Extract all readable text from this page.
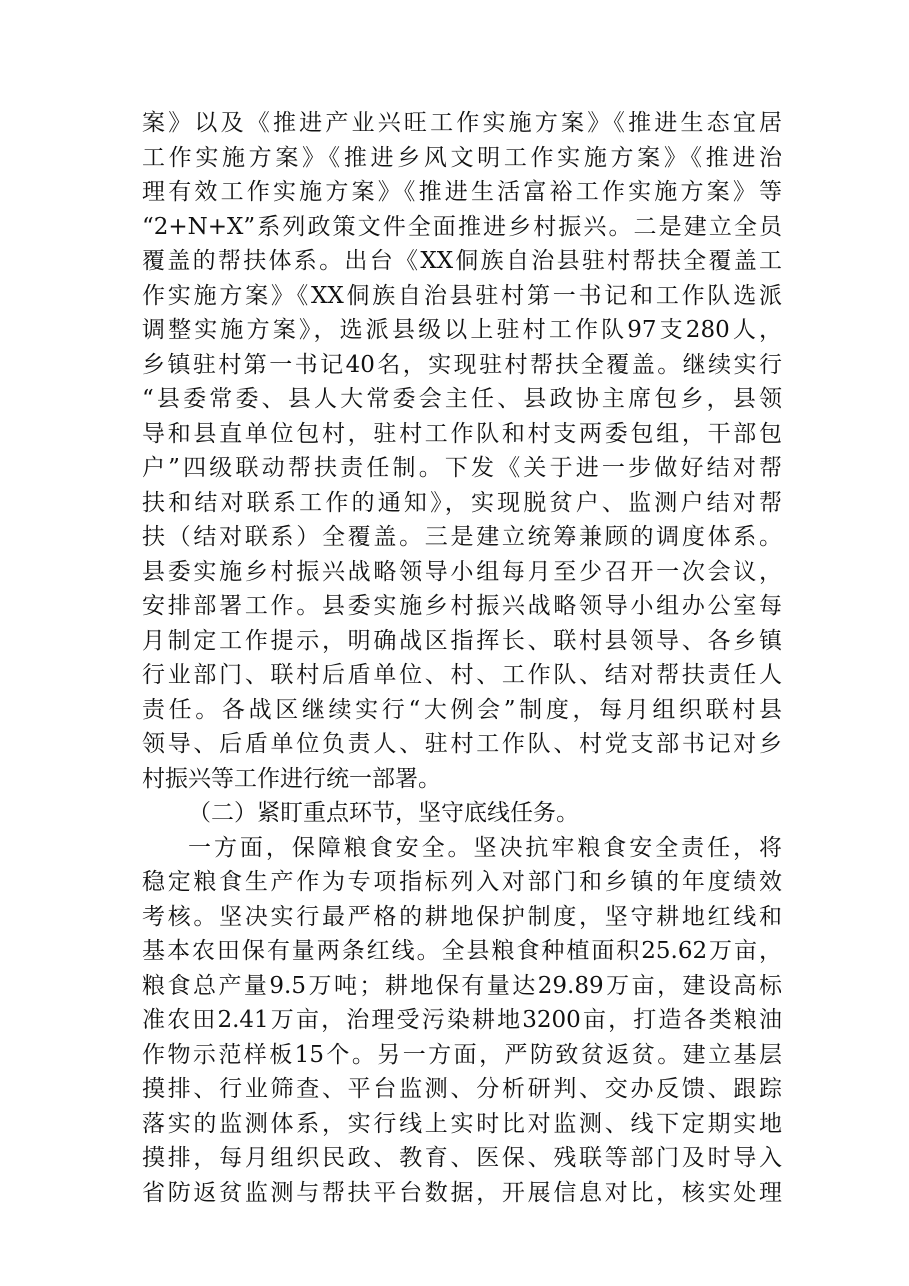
案》以及《推进产业兴旺工作实施方案》《推进生态宜居
工作实施方案》《推进乡风文明工作实施方案》《推进治
理有效工作实施方案》《推进生活富裕工作实施方案》等
“2+N+X”系列政策文件全面推进乡村振兴。二是建立全员
覆盖的帮扶体系。出台《XX侗族自治县驻村帮扶全覆盖工
作实施方案》《XX侗族自治县驻村第一书记和工作队选派
调整实施方案》，选派县级以上驻村工作队97支280人，
乡镇驻村第一书记40名，实现驻村帮扶全覆盖。继续实行
“县委常委、县人大常委会主任、县政协主席包乡，县领
导和县直单位包村，驻村工作队和村支两委包组，干部包
户”四级联动帮扶责任制。下发《关于进一步做好结对帮
扶和结对联系工作的通知》，实现脱贫户、监测户结对帮
扶（结对联系）全覆盖。三是建立统筹兼顾的调度体系。
县委实施乡村振兴战略领导小组每月至少召开一次会议，
安排部署工作。县委实施乡村振兴战略领导小组办公室每
月制定工作提示，明确战区指挥长、联村县领导、各乡镇
行业部门、联村后盾单位、村、工作队、结对帮扶责任人
责任。各战区继续实行“大例会”制度，每月组织联村县
领导、后盾单位负责人、驻村工作队、村党支部书记对乡
村振兴等工作进行统一部署。
（二）紧盯重点环节，坚守底线任务。
一方面，保障粮食安全。坚决抗牢粮食安全责任，将
稳定粮食生产作为专项指标列入对部门和乡镇的年度绩效
考核。坚决实行最严格的耕地保护制度，坚守耕地红线和
基本农田保有量两条红线。全县粮食种植面积25.62万亩，
粮食总产量9.5万吨；耕地保有量达29.89万亩，建设高标
准农田2.41万亩，治理受污染耕地3200亩，打造各类粮油
作物示范样板15个。另一方面，严防致贫返贫。建立基层
摸排、行业筛查、平台监测、分析研判、交办反馈、跟踪
落实的监测体系，实行线上实时比对监测、线下定期实地
摸排，每月组织民政、教育、医保、残联等部门及时导入
省防返贫监测与帮扶平台数据，开展信息对比，核实处理
